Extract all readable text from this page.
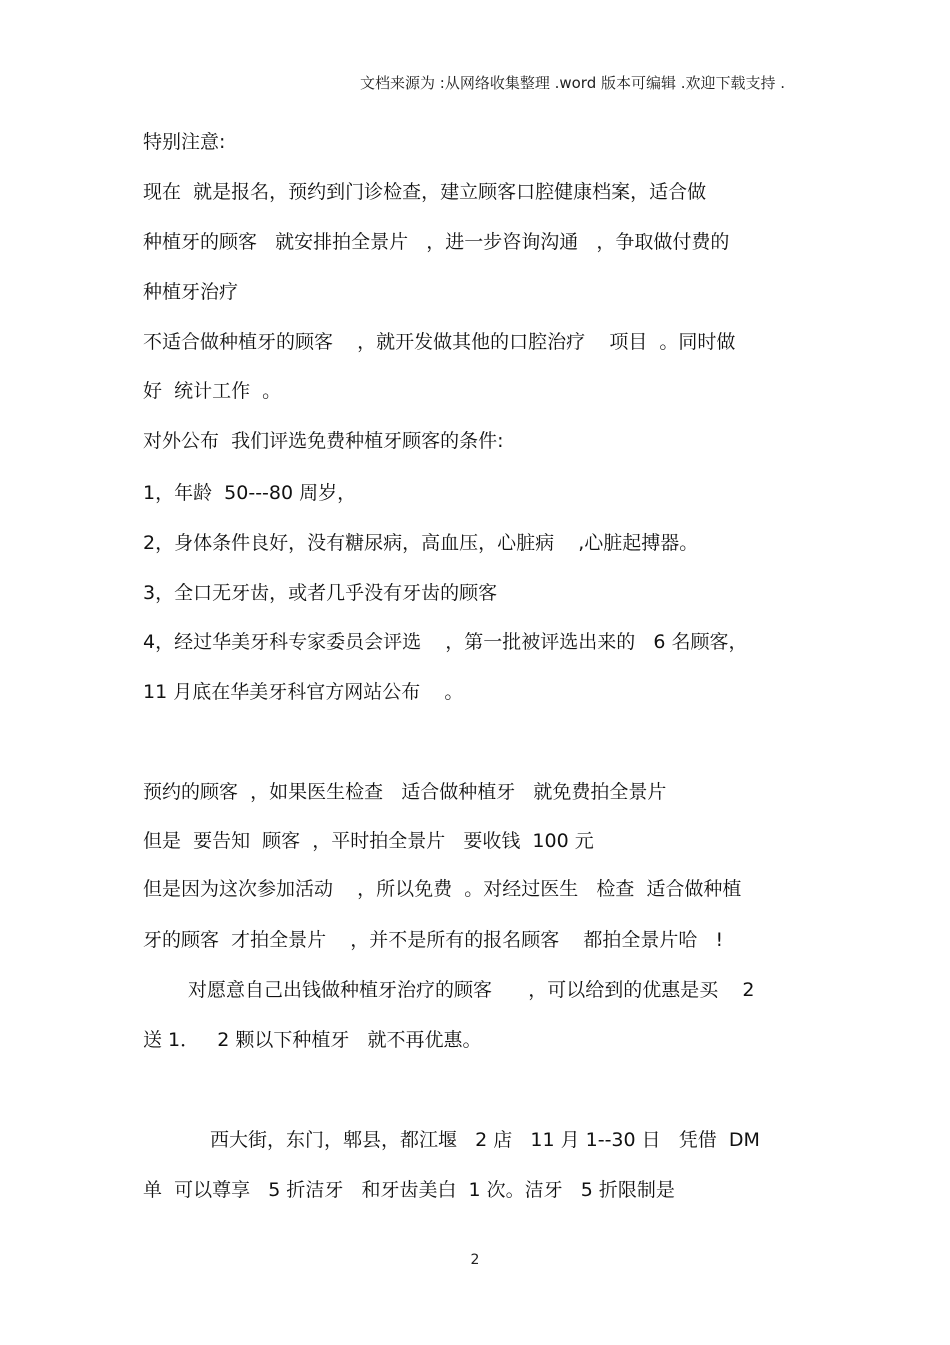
文档来源为 :从网络收集整理 .word 版本可编辑 .欢迎下载支持 .
特别注意:
现在  就是报名，预约到门诊检查，建立顾客口腔健康档案，适合做
种植牙的顾客   就安排拍全景片   ，进一步咨询沟通   ，争取做付费的
种植牙治疗
不适合做种植牙的顾客    ，就开发做其他的口腔治疗    项目  。同时做
好  统计工作  。
对外公布  我们评选免费种植牙顾客的条件:
1，年龄  50---80 周岁，
2，身体条件良好，没有糖尿病，高血压，心脏病    ,心脏起搏器。
3，全口无牙齿，或者几乎没有牙齿的顾客
4，经过华美牙科专家委员会评选    ，第一批被评选出来的   6 名顾客，
11 月底在华美牙科官方网站公布    。
预约的顾客  ，如果医生检查   适合做种植牙   就免费拍全景片
但是  要告知  顾客  ，平时拍全景片   要收钱  100 元
但是因为这次参加活动    ，所以免费  。对经过医生   检查  适合做种植
牙的顾客  才拍全景片    ，并不是所有的报名顾客    都拍全景片哈   !
对愿意自己出钱做种植牙治疗的顾客      ，可以给到的优惠是买    2
送 1．   2 颗以下种植牙   就不再优惠。
西大街，东门，郫县，都江堰   2 店   11 月 1--30 日   凭借  DM
单  可以尊享   5 折洁牙   和牙齿美白  1 次。洁牙   5 折限制是
2
